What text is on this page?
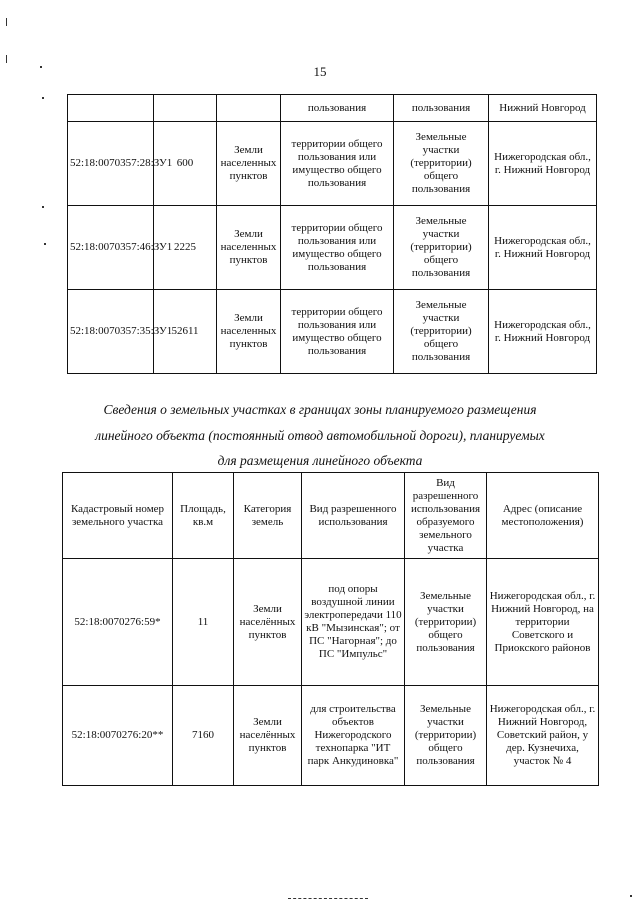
15
			пользования	пользования	Нижний Новгород
52:18:0070357:28:ЗУ1	600	Земли населенных пунктов	территории общего пользования или имущество общего пользования	Земельные участки (территории) общего пользования	Нижегородская обл., г. Нижний Новгород
52:18:0070357:46:ЗУ1	2225	Земли населенных пунктов	территории общего пользования или имущество общего пользования	Земельные участки (территории) общего пользования	Нижегородская обл., г. Нижний Новгород
52:18:0070357:35:ЗУ1	52611	Земли населенных пунктов	территории общего пользования или имущество общего пользования	Земельные участки (территории) общего пользования	Нижегородская обл., г. Нижний Новгород
Сведения о земельных участках в границах зоны планируемого размещения
линейного объекта (постоянный отвод автомобильной дороги), планируемых
для размещения линейного объекта
Кадастровый номер земельного участка	Площадь, кв.м	Категория земель	Вид разрешенного использования	Вид разрешенного использования образуемого земельного участка	Адрес (описание местоположения)
52:18:0070276:59*	11	Земли населённых пунктов	под опоры воздушной линии электропередачи 110 кВ "Мызинская"; от ПС "Нагорная"; до ПС "Импульс"	Земельные участки (территории) общего пользования	Нижегородская обл., г. Нижний Новгород, на территории Советского и Приокского районов
52:18:0070276:20**	7160	Земли населённых пунктов	для строительства объектов Нижегородского технопарка "ИТ парк Анкудиновка"	Земельные участки (территории) общего пользования	Нижегородская обл., г. Нижний Новгород, Советский район, у дер. Кузнечиха, участок № 4
